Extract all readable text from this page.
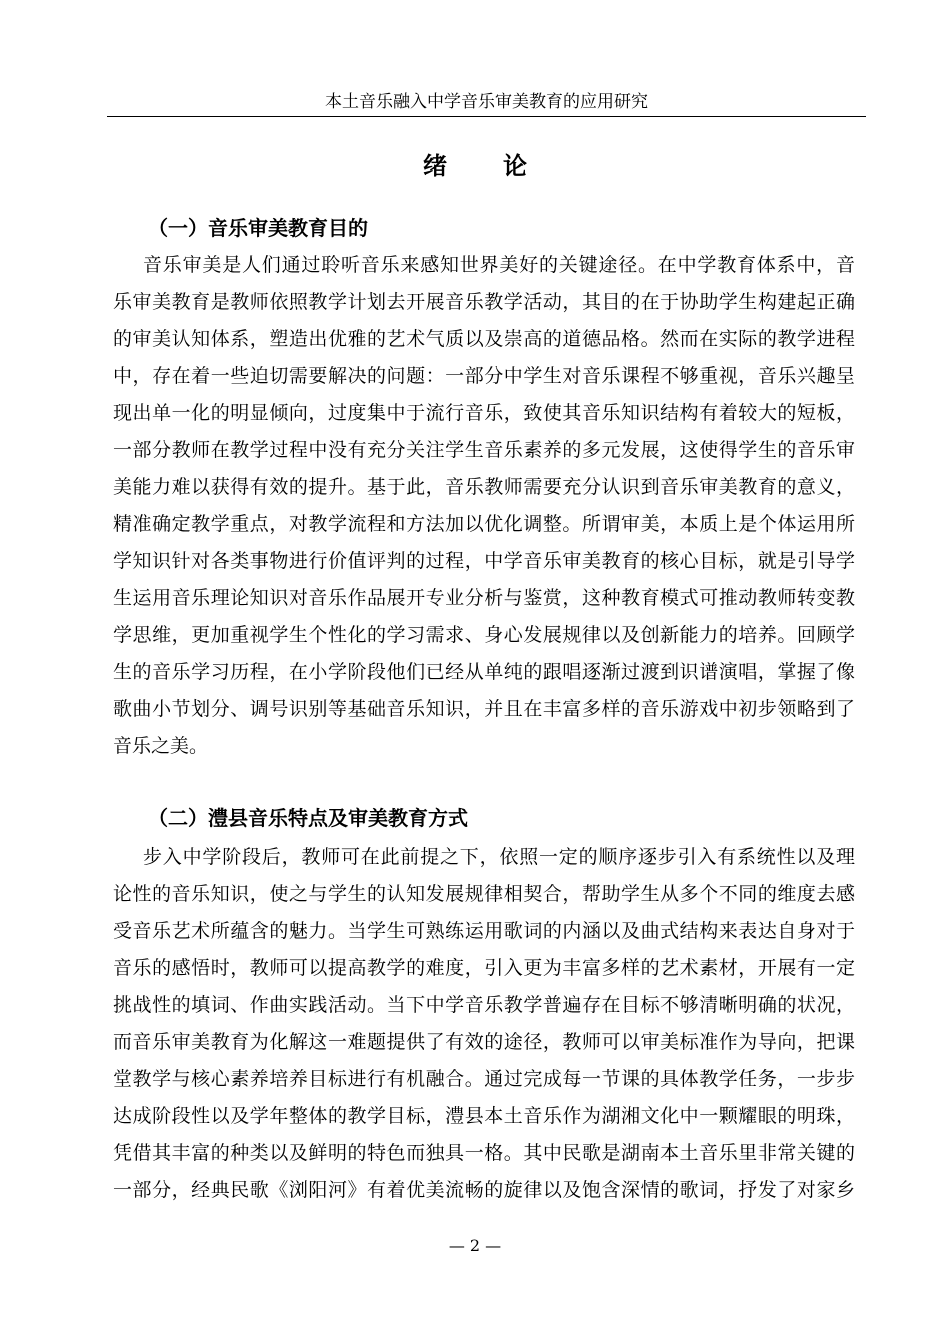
本土音乐融入中学音乐审美教育的应用研究
绪论
（一）音乐审美教育目的
音乐审美是人们通过聆听音乐来感知世界美好的关键途径。在中学教育体系中，音
乐审美教育是教师依照教学计划去开展音乐教学活动，其目的在于协助学生构建起正确
的审美认知体系，塑造出优雅的艺术气质以及崇高的道德品格。然而在实际的教学进程
中，存在着一些迫切需要解决的问题：一部分中学生对音乐课程不够重视，音乐兴趣呈
现出单一化的明显倾向，过度集中于流行音乐，致使其音乐知识结构有着较大的短板，
一部分教师在教学过程中没有充分关注学生音乐素养的多元发展，这使得学生的音乐审
美能力难以获得有效的提升。基于此，音乐教师需要充分认识到音乐审美教育的意义，
精准确定教学重点，对教学流程和方法加以优化调整。所谓审美，本质上是个体运用所
学知识针对各类事物进行价值评判的过程，中学音乐审美教育的核心目标，就是引导学
生运用音乐理论知识对音乐作品展开专业分析与鉴赏，这种教育模式可推动教师转变教
学思维，更加重视学生个性化的学习需求、身心发展规律以及创新能力的培养。回顾学
生的音乐学习历程，在小学阶段他们已经从单纯的跟唱逐渐过渡到识谱演唱，掌握了像
歌曲小节划分、调号识别等基础音乐知识，并且在丰富多样的音乐游戏中初步领略到了
音乐之美。
（二）澧县音乐特点及审美教育方式
步入中学阶段后，教师可在此前提之下，依照一定的顺序逐步引入有系统性以及理
论性的音乐知识，使之与学生的认知发展规律相契合，帮助学生从多个不同的维度去感
受音乐艺术所蕴含的魅力。当学生可熟练运用歌词的内涵以及曲式结构来表达自身对于
音乐的感悟时，教师可以提高教学的难度，引入更为丰富多样的艺术素材，开展有一定
挑战性的填词、作曲实践活动。当下中学音乐教学普遍存在目标不够清晰明确的状况，
而音乐审美教育为化解这一难题提供了有效的途径，教师可以审美标准作为导向，把课
堂教学与核心素养培养目标进行有机融合。通过完成每一节课的具体教学任务，一步步
达成阶段性以及学年整体的教学目标，澧县本土音乐作为湖湘文化中一颗耀眼的明珠，
凭借其丰富的种类以及鲜明的特色而独具一格。其中民歌是湖南本土音乐里非常关键的
一部分，经典民歌《浏阳河》有着优美流畅的旋律以及饱含深情的歌词，抒发了对家乡
— 2 —
